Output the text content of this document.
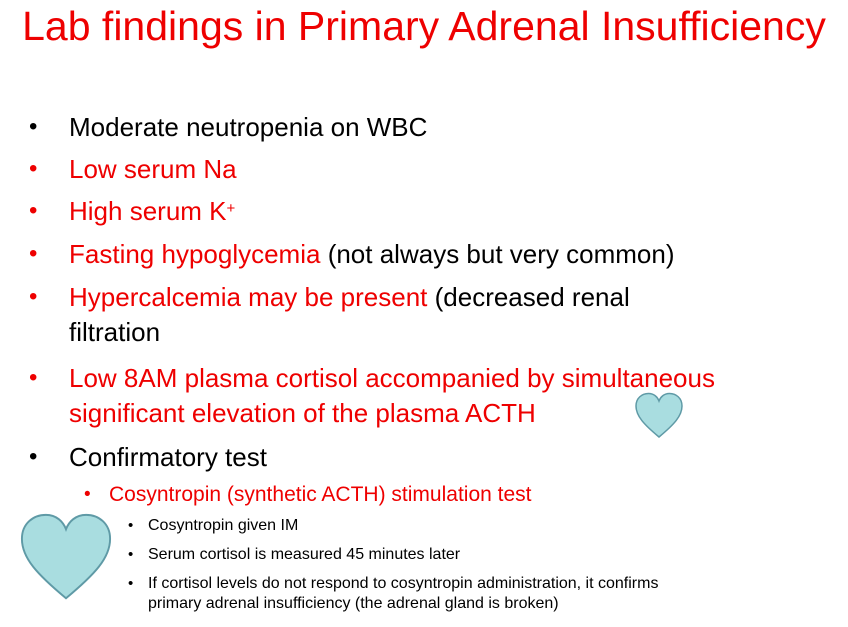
Lab findings in Primary Adrenal Insufficiency
• Moderate neutropenia on WBC
• Low serum Na
• High serum K+
• Fasting hypoglycemia (not always but very common)
• Hypercalcemia may be present (decreased renal
filtration
• Low 8AM plasma cortisol accompanied by simultaneous
significant elevation of the plasma ACTH
• Confirmatory test
• Cosyntropin (synthetic ACTH) stimulation test
• Cosyntropin given IM
• Serum cortisol is measured 45 minutes later
• If cortisol levels do not respond to cosyntropin administration, it confirms
primary adrenal insufficiency (the adrenal gland is broken)
